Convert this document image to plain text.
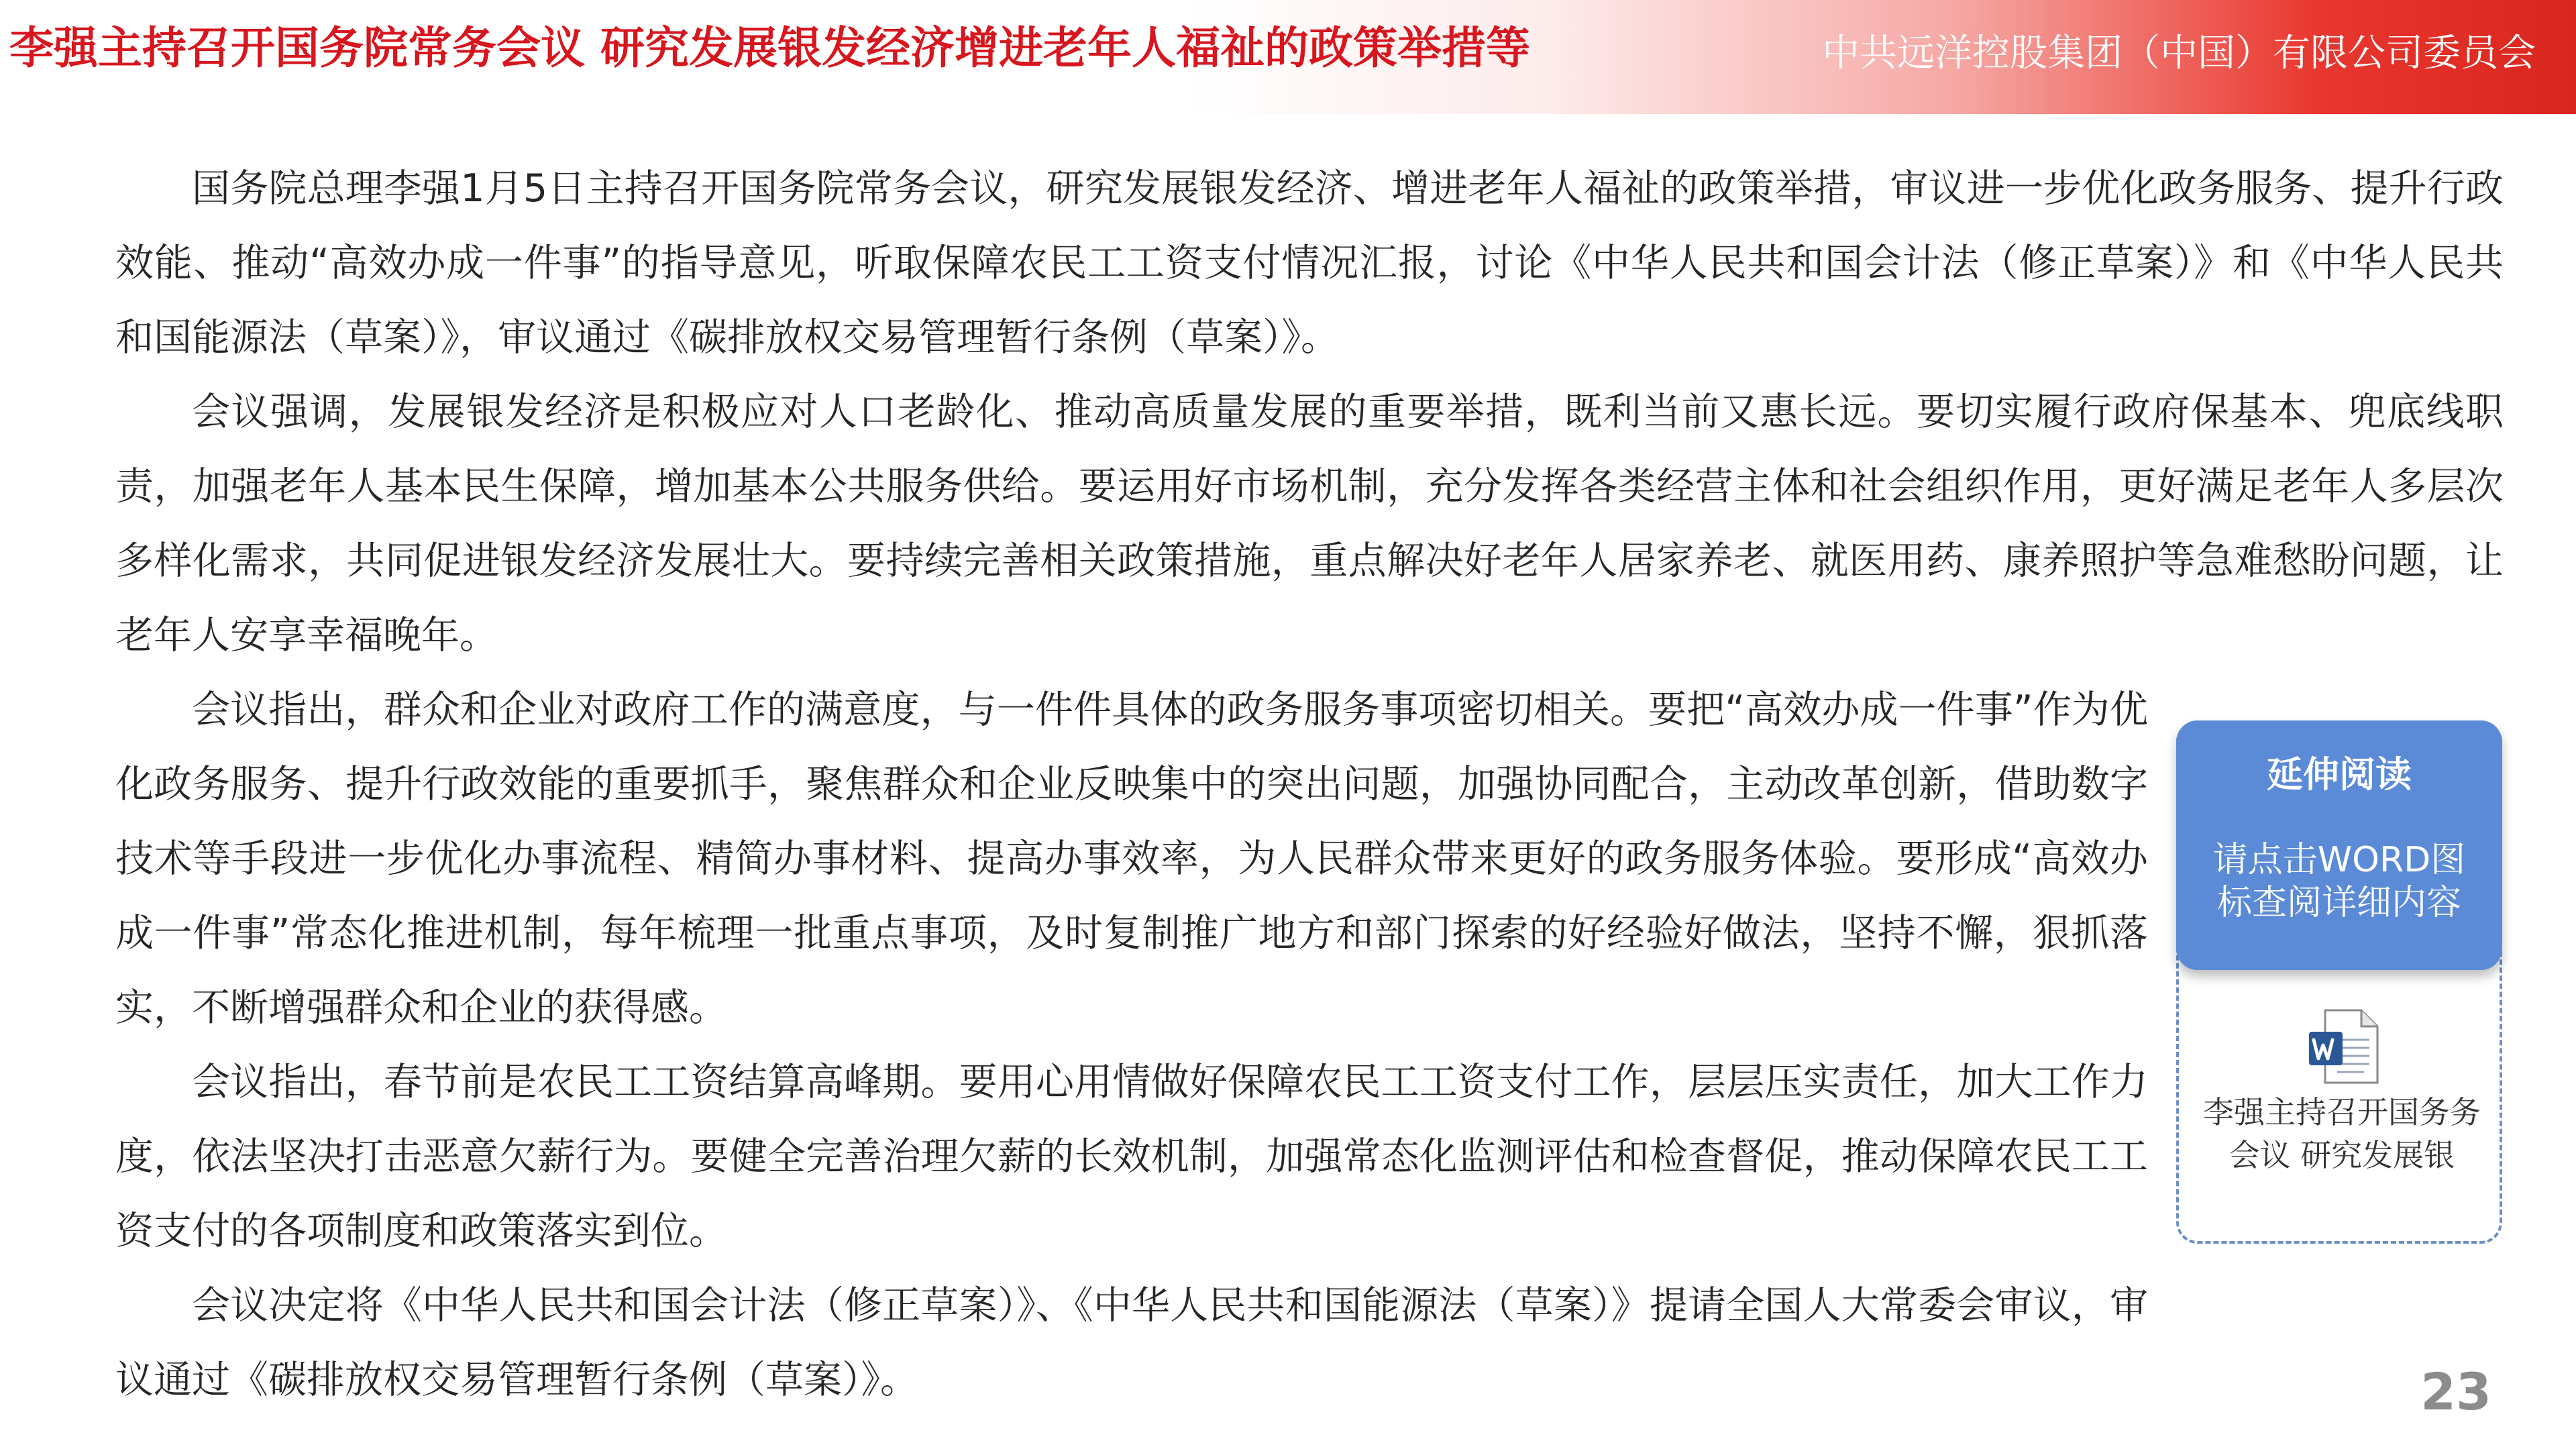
李强主持召开国务院常务会议 研究发展银发经济增进老年人福祉的政策举措等	中共远洋控股集团（中国）有限公司委员会

国务院总理李强1月5日主持召开国务院常务会议，研究发展银发经济、增进老年人福祉的政策举措，审议进一步优化政务服务、提升行政效能、推动“高效办成一件事”的指导意见，听取保障农民工工资支付情况汇报，讨论《中华人民共和国会计法（修正草案）》和《中华人民共和国能源法（草案）》，审议通过《碳排放权交易管理暂行条例（草案）》。

会议强调，发展银发经济是积极应对人口老龄化、推动高质量发展的重要举措，既利当前又惠长远。要切实履行政府保基本、兜底线职责，加强老年人基本民生保障，增加基本公共服务供给。要运用好市场机制，充分发挥各类经营主体和社会组织作用，更好满足老年人多层次多样化需求，共同促进银发经济发展壮大。要持续完善相关政策措施，重点解决好老年人居家养老、就医用药、康养照护等急难愁盼问题，让老年人安享幸福晚年。

会议指出，群众和企业对政府工作的满意度，与一件件具体的政务服务事项密切相关。要把“高效办成一件事”作为优化政务服务、提升行政效能的重要抓手，聚焦群众和企业反映集中的突出问题，加强协同配合，主动改革创新，借助数字技术等手段进一步优化办事流程、精简办事材料、提高办事效率，为人民群众带来更好的政务服务体验。要形成“高效办成一件事”常态化推进机制，每年梳理一批重点事项，及时复制推广地方和部门探索的好经验好做法，坚持不懈，狠抓落实，不断增强群众和企业的获得感。

会议指出，春节前是农民工工资结算高峰期。要用心用情做好保障农民工工资支付工作，层层压实责任，加大工作力度，依法坚决打击恶意欠薪行为。要健全完善治理欠薪的长效机制，加强常态化监测评估和检查督促，推动保障农民工工资支付的各项制度和政策落实到位。

会议决定将《中华人民共和国会计法（修正草案）》、《中华人民共和国能源法（草案）》提请全国人大常委会审议，审议通过《碳排放权交易管理暂行条例（草案）》。

延伸阅读
请点击WORD图标查阅详细内容
李强主持召开国务务会议 研究发展银
23
